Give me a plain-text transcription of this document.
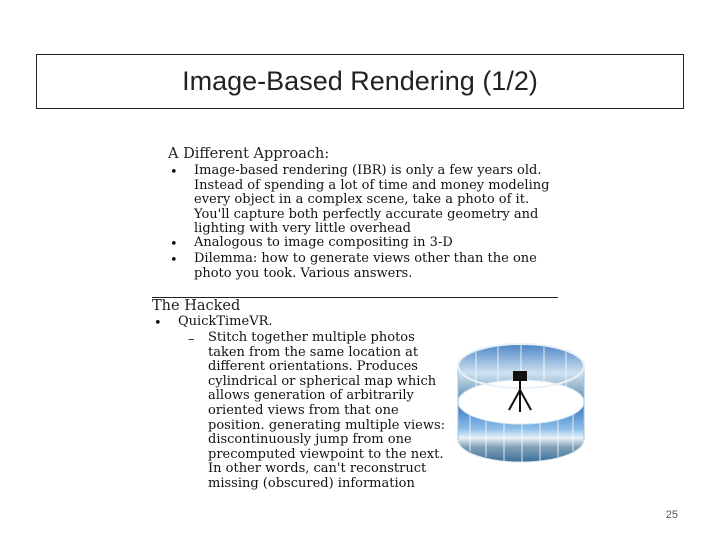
Image-Based Rendering (1/2)
A Different Approach:
• Image-based rendering (IBR) is only a few years old. Instead of spending a lot of time and money modeling every object in a complex scene, take a photo of it. You'll capture both perfectly accurate geometry and lighting with very little overhead
• Analogous to image compositing in 3-D
• Dilemma: how to generate views other than the one photo you took. Various answers.
The Hacked
• QuickTimeVR.
– Stitch together multiple photos taken from the same location at different orientations. Produces cylindrical or spherical map which allows generation of arbitrarily oriented views from that one position. generating multiple views: discontinuously jump from one precomputed viewpoint to the next. In other words, can't reconstruct missing (obscured) information
25
